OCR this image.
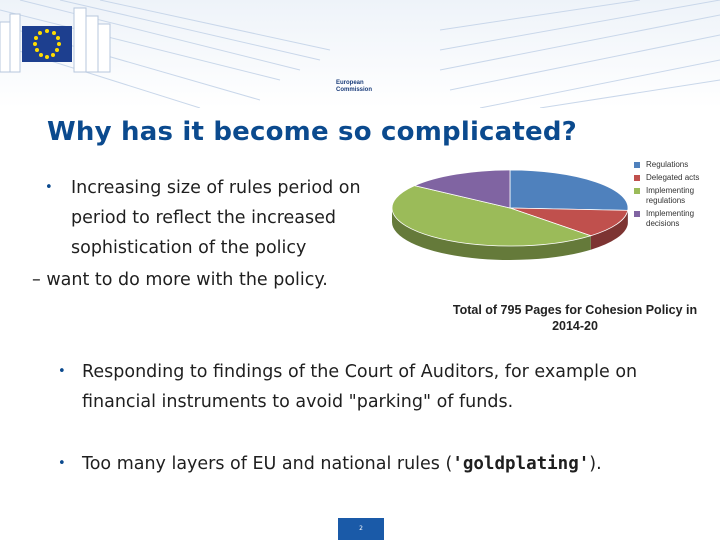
European
Commission
Why has it become so complicated?
• Increasing size of rules period on period to reflect the increased sophistication of the policy
– want to do more with the policy.
• Responding to findings of the Court of Auditors, for example on financial instruments to avoid "parking" of funds.
• Too many layers of EU and national rules ('goldplating').
Regulations
Delegated acts
Implementing regulations
Implementing decisions
Total of 795 Pages for Cohesion Policy in
2014-20
2
